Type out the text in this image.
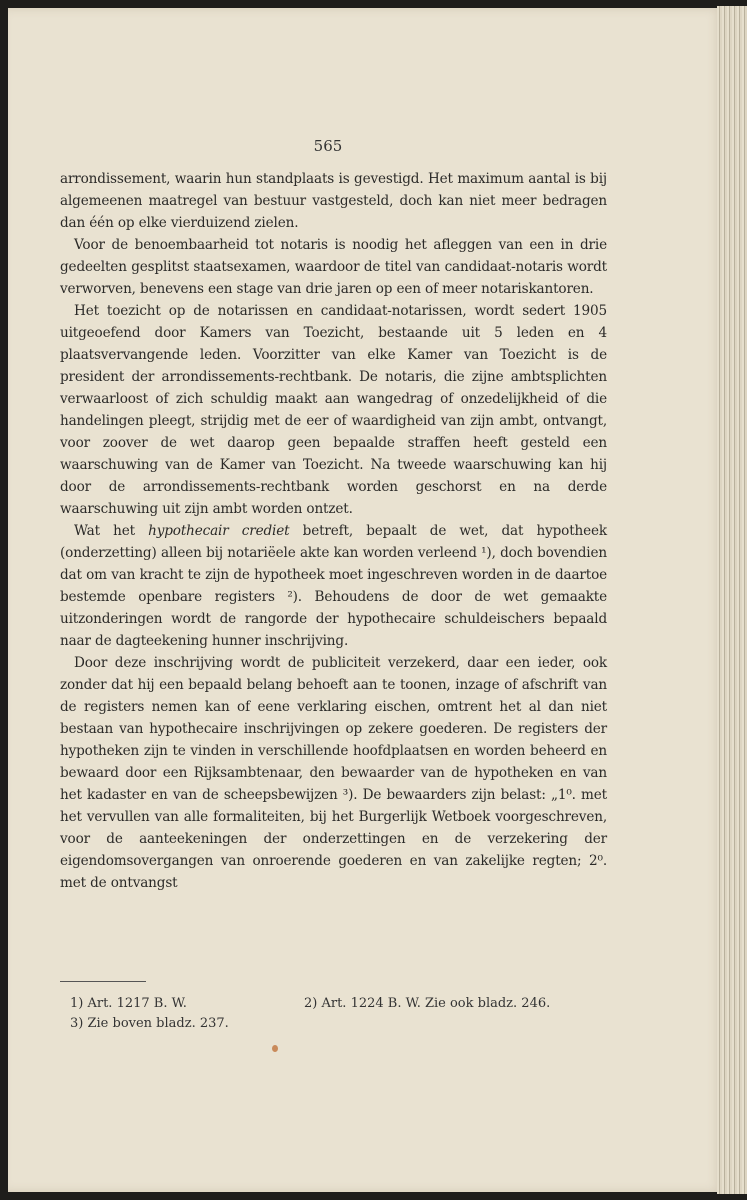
565

arrondissement, waarin hun standplaats is gevestigd. Het maximum aantal is bij algemeenen maatregel van bestuur vastgesteld, doch kan niet meer bedragen dan één op elke vierduizend zielen.

Voor de benoembaarheid tot notaris is noodig het afleggen van een in drie gedeelten gesplitst staatsexamen, waardoor de titel van candidaat-notaris wordt verworven, benevens een stage van drie jaren op een of meer notariskantoren.

Het toezicht op de notarissen en candidaat-notarissen, wordt sedert 1905 uitgeoefend door Kamers van Toezicht, bestaande uit 5 leden en 4 plaatsvervangende leden. Voorzitter van elke Kamer van Toezicht is de president der arrondissements-rechtbank. De notaris, die zijne ambtsplichten verwaarloost of zich schuldig maakt aan wangedrag of onzedelijkheid of die handelingen pleegt, strijdig met de eer of waardigheid van zijn ambt, ontvangt, voor zoover de wet daarop geen bepaalde straffen heeft gesteld een waarschuwing van de Kamer van Toezicht. Na tweede waarschuwing kan hij door de arrondissements-rechtbank worden geschorst en na derde waarschuwing uit zijn ambt worden ontzet.

Wat het hypothecair crediet betreft, bepaalt de wet, dat hypotheek (onderzetting) alleen bij notariëele akte kan worden verleend ¹), doch bovendien dat om van kracht te zijn de hypotheek moet ingeschreven worden in de daartoe bestemde openbare registers ²). Behoudens de door de wet gemaakte uitzonderingen wordt de rangorde der hypothecaire schuldeischers bepaald naar de dagteekening hunner inschrijving.

Door deze inschrijving wordt de publiciteit verzekerd, daar een ieder, ook zonder dat hij een bepaald belang behoeft aan te toonen, inzage of afschrift van de registers nemen kan of eene verklaring eischen, omtrent het al dan niet bestaan van hypothecaire inschrijvingen op zekere goederen. De registers der hypotheken zijn te vinden in verschillende hoofdplaatsen en worden beheerd en bewaard door een Rijksambtenaar, den bewaarder van de hypotheken en van het kadaster en van de scheepsbewijzen ³). De bewaarders zijn belast: „1⁰. met het vervullen van alle formaliteiten, bij het Burgerlijk Wetboek voorgeschreven, voor de aanteekeningen der onderzettingen en de verzekering der eigendomsovergangen van onroerende goederen en van zakelijke regten; 2⁰. met de ontvangst

1) Art. 1217 B. W.	2) Art. 1224 B. W. Zie ook bladz. 246.
3) Zie boven bladz. 237.
